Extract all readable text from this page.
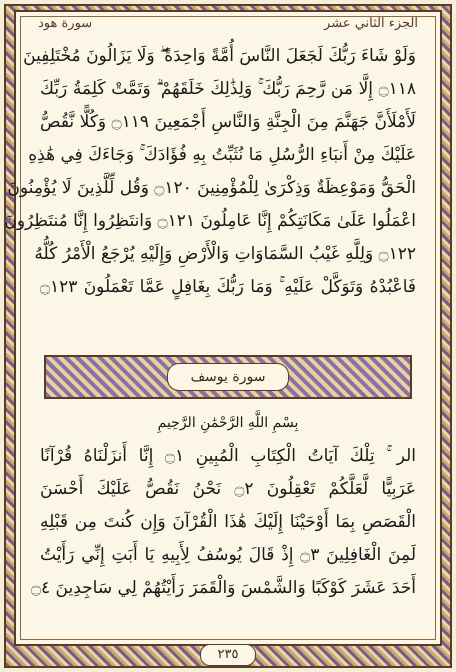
سورة هود	الجزء الثاني عشر
وَلَوْ شَاءَ رَبُّكَ لَجَعَلَ النَّاسَ أُمَّةً وَاحِدَةً ۖ وَلَا يَزَالُونَ مُخْتَلِفِينَ
۝١١٨ إِلَّا مَن رَّحِمَ رَبُّكَ ۚ وَلِذَٰلِكَ خَلَقَهُمْ ۗ وَتَمَّتْ كَلِمَةُ رَبِّكَ
لَأَمْلَأَنَّ جَهَنَّمَ مِنَ الْجِنَّةِ وَالنَّاسِ أَجْمَعِينَ ۝١١٩ وَكُلًّا نَّقُصُّ
عَلَيْكَ مِنْ أَنبَاءِ الرُّسُلِ مَا نُثَبِّتُ بِهِ فُؤَادَكَ ۚ وَجَاءَكَ فِي هَٰذِهِ
الْحَقُّ وَمَوْعِظَةٌ وَذِكْرَىٰ لِلْمُؤْمِنِينَ ۝١٢٠ وَقُل لِّلَّذِينَ لَا يُؤْمِنُونَ
اعْمَلُوا عَلَىٰ مَكَانَتِكُمْ إِنَّا عَامِلُونَ ۝١٢١ وَانتَظِرُوا إِنَّا مُنتَظِرُونَ
۝١٢٢ وَلِلَّهِ غَيْبُ السَّمَاوَاتِ وَالْأَرْضِ وَإِلَيْهِ يُرْجَعُ الْأَمْرُ كُلُّهُ
فَاعْبُدْهُ وَتَوَكَّلْ عَلَيْهِ ۚ وَمَا رَبُّكَ بِغَافِلٍ عَمَّا تَعْمَلُونَ ۝١٢٣
سورة يوسف
بِسْمِ اللَّهِ الرَّحْمَٰنِ الرَّحِيمِ
الر ۚ تِلْكَ آيَاتُ الْكِتَابِ الْمُبِينِ ۝١ إِنَّا أَنزَلْنَاهُ قُرْآنًا
عَرَبِيًّا لَّعَلَّكُمْ تَعْقِلُونَ ۝٢ نَحْنُ نَقُصُّ عَلَيْكَ أَحْسَنَ
الْقَصَصِ بِمَا أَوْحَيْنَا إِلَيْكَ هَٰذَا الْقُرْآنَ وَإِن كُنتَ مِن قَبْلِهِ
لَمِنَ الْغَافِلِينَ ۝٣ إِذْ قَالَ يُوسُفُ لِأَبِيهِ يَا أَبَتِ إِنِّي رَأَيْتُ
أَحَدَ عَشَرَ كَوْكَبًا وَالشَّمْسَ وَالْقَمَرَ رَأَيْتُهُمْ لِي سَاجِدِينَ ۝٤
٢٣٥
